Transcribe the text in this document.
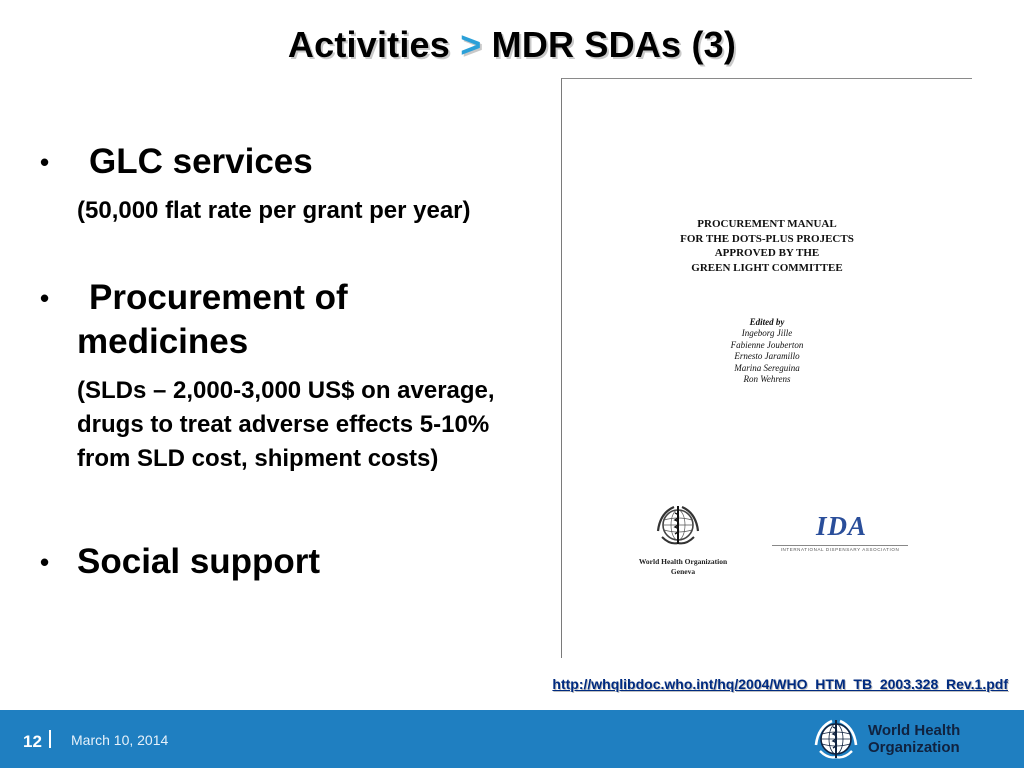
Activities > MDR SDAs (3)
• GLC services
(50,000 flat rate per grant per year)
• Procurement of medicines
(SLDs – 2,000-3,000 US$ on average, drugs to treat adverse effects 5-10% from SLD cost, shipment costs)
• Social support
PROCUREMENT MANUAL
FOR THE DOTS-PLUS PROJECTS
APPROVED BY THE
GREEN LIGHT COMMITTEE
Edited by
Ingeborg Jille
Fabienne Jouberton
Ernesto Jaramillo
Marina Sereguina
Ron Wehrens
World Health Organization
Geneva
IDA
INTERNATIONAL DISPENSARY ASSOCIATION
http://whqlibdoc.who.int/hq/2004/WHO_HTM_TB_2003.328_Rev.1.pdf
12 March 10, 2014
World Health
Organization
